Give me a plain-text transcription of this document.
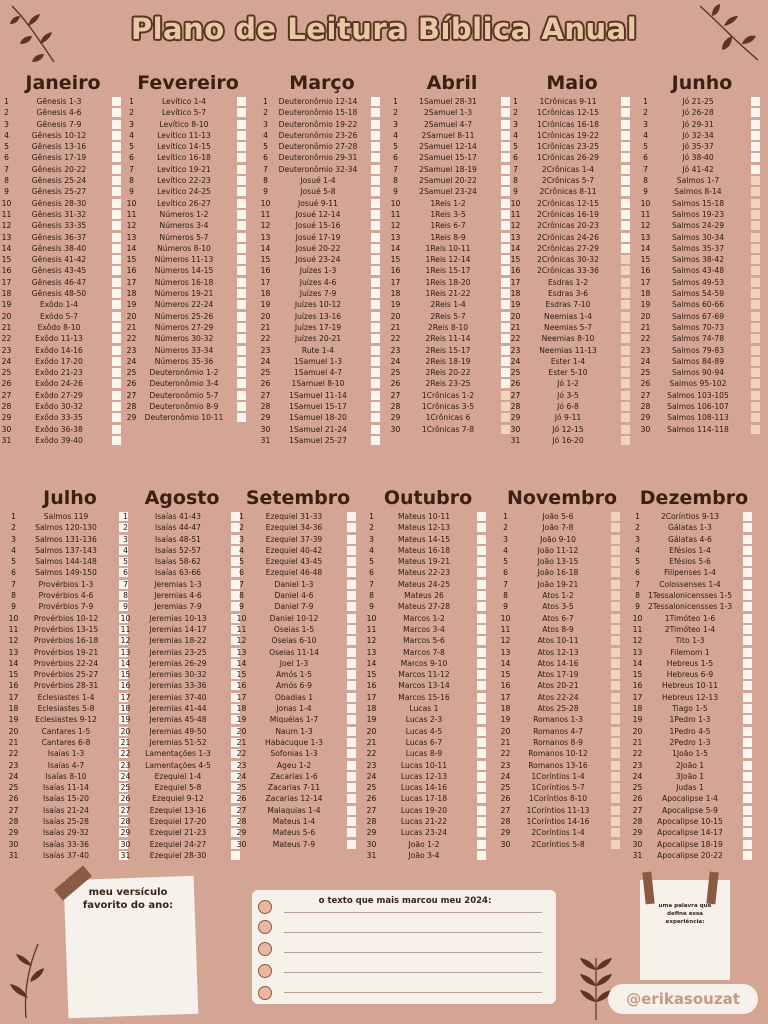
Plano de Leitura Bíblica Anual
Janeiro
1	Gênesis 1-3
2	Gênesis 4-6
3	Gênesis 7-9
4	Gênesis 10-12
5	Gênesis 13-16
6	Gênesis 17-19
7	Gênesis 20-22
8	Gênesis 25-24
9	Gênesis 25-27
10	Gênesis 28-30
11	Gênesis 31-32
12	Gênesis 33-35
13	Gênesis 36-37
14	Gênesis 38-40
15	Gênesis 41-42
16	Gênesis 43-45
17	Gênesis 46-47
18	Gênesis 48-50
19	Exôdo 1-4
20	Exôdo 5-7
21	Exôdo 8-10
22	Exôdo 11-13
23	Exôdo 14-16
24	Exôdo 17-20
25	Exôdo 21-23
26	Exôdo 24-26
27	Exôdo 27-29
28	Exôdo 30-32
29	Exôdo 33-35
30	Exôdo 36-38
31	Exôdo 39-40
Fevereiro
1	Levítico 1-4
2	Levítico 5-7
3	Levítico 8-10
4	Levítico 11-13
5	Levítico 14-15
6	Levítico 16-18
7	Levítico 19-21
8	Levítico 22-23
9	Levítico 24-25
10	Levítico 26-27
11	Números 1-2
12	Números 3-4
13	Números 5-7
14	Números 8-10
15	Números 11-13
16	Números 14-15
17	Números 16-18
18	Números 19-21
19	Números 22-24
20	Números 25-26
21	Números 27-29
22	Números 30-32
23	Números 33-34
24	Números 35-36
25	Deuteronômio 1-2
26	Deuteronômio 3-4
27	Deuteronômio 5-7
28	Deuteronômio 8-9
29	Deuteronômio 10-11
Março
1	Deuteronômio 12-14
2	Deuteronômio 15-18
3	Deuteronômio 19-22
4	Deuteronômio 23-26
5	Deuteronômio 27-28
6	Deuteronômio 29-31
7	Deuteronômio 32-34
8	Josué 1-4
9	Josué 5-8
10	Josué 9-11
11	Josué 12-14
12	Josué 15-16
13	Josué 17-19
14	Josué 20-22
15	Josué 23-24
16	Juízes 1-3
17	Juízes 4-6
18	Juízes 7-9
19	Juízes 10-12
20	Juízes 13-16
21	Juízes 17-19
22	Juízes 20-21
23	Rute 1-4
24	1Samuel 1-3
25	1Samuel 4-7
26	1Samuel 8-10
27	1Samuel 11-14
28	1Samuel 15-17
29	1Samuel 18-20
30	1Samuel 21-24
31	1Samuel 25-27
Abril
1	1Samuel 28-31
2	2Samuel 1-3
3	2Samuel 4-7
4	2Samuel 8-11
5	2Samuel 12-14
6	2Samuel 15-17
7	2Samuel 18-19
8	2Samuel 20-22
9	2Samuel 23-24
10	1Reis 1-2
11	1Reis 3-5
12	1Reis 6-7
13	1Reis 8-9
14	1Reis 10-11
15	1Reis 12-14
16	1Reis 15-17
17	1Reis 18-20
18	1Reis 21-22
19	2Reis 1-4
20	2Reis 5-7
21	2Reis 8-10
22	2Reis 11-14
23	2Reis 15-17
24	2Reis 18-19
25	2Reis 20-22
26	2Reis 23-25
27	1Crônicas 1-2
28	1Crônicas 3-5
29	1Crônicas 6
30	1Crônicas 7-8
Maio
1	1Crônicas 9-11
2	1Crônicas 12-15
3	1Crônicas 16-18
4	1Crônicas 19-22
5	1Crônicas 23-25
6	1Crônicas 26-29
7	2Crônicas 1-4
8	2Crônicas 5-7
9	2Crônicas 8-11
10	2Crônicas 12-15
11	2Crônicas 16-19
12	2Crônicas 20-23
13	2Crônicas 24-26
14	2Crônicas 27-29
15	2Crônicas 30-32
16	2Crônicas 33-36
17	Esdras 1-2
18	Esdras 3-6
19	Esdras 7-10
20	Neemias 1-4
21	Neemias 5-7
22	Neemias 8-10
23	Neemias 11-13
24	Ester 1-4
25	Ester 5-10
26	Jó 1-2
27	Jó 3-5
28	Jó 6-8
29	Jó 9-11
30	Jó 12-15
31	Jó 16-20
Junho
1	Jó 21-25
2	Jó 26-28
3	Jó 29-31
4	Jó 32-34
5	Jó 35-37
6	Jó 38-40
7	Jó 41-42
8	Salmos 1-7
9	Salmos 8-14
10	Salmos 15-18
11	Salmos 19-23
12	Salmos 24-29
13	Salmos 30-34
14	Salmos 35-37
15	Salmos 38-42
16	Salmos 43-48
17	Salmos 49-53
18	Salmos 54-59
19	Salmos 60-66
20	Salmos 67-69
21	Salmos 70-73
22	Salmos 74-78
23	Salmos 79-83
24	Salmos 84-89
25	Salmos 90-94
26	Salmos 95-102
27	Salmos 103-105
28	Salmos 106-107
29	Salmos 108-113
30	Salmos 114-118
Julho
1	Salmos 119
2	Salmos 120-130
3	Salmos 131-136
4	Salmos 137-143
5	Salmos 144-148
6	Salmos 149-150
7	Provérbios 1-3
8	Provérbios 4-6
9	Provérbios 7-9
10	Provérbios 10-12
11	Provérbios 13-15
12	Provérbios 16-18
13	Provérbios 19-21
14	Provérbios 22-24
15	Provérbios 25-27
16	Provérbios 28-31
17	Eclesiastes 1-4
18	Eclesiastes 5-8
19	Eclesiastes 9-12
20	Cantares 1-5
21	Cantares 6-8
22	Isaías 1-3
23	Isaías 4-7
24	Isaías 8-10
25	Isaías 11-14
26	Isaías 15-20
27	Isaías 21-24
28	Isaías 25-28
29	Isaías 29-32
30	Isaías 33-36
31	Isaías 37-40
Agosto
1	Isaías 41-43
2	Isaías 44-47
3	Isaías 48-51
4	Isaías 52-57
5	Isaías 58-62
6	Isaías 63-66
7	Jeremias 1-3
8	Jeremias 4-6
9	Jeremias 7-9
10	Jeremias 10-13
11	Jeremias 14-17
12	Jeremias 18-22
13	Jeremias 23-25
14	Jeremias 26-29
15	Jeremias 30-32
16	Jeremias 33-36
17	Jeremias 37-40
18	Jeremias 41-44
19	Jeremias 45-48
20	Jeremias 49-50
21	Jeremias 51-52
22	Lamentações 1-3
23	Lamentações 4-5
24	Ezequiel 1-4
25	Ezequiel 5-8
26	Ezequiel 9-12
27	Ezequiel 13-16
28	Ezequiel 17-20
29	Ezequiel 21-23
30	Ezequiel 24-27
31	Ezequiel 28-30
Setembro
1	Ezequiel 31-33
2	Ezequiel 34-36
3	Ezequiel 37-39
4	Ezequiel 40-42
5	Ezequiel 43-45
6	Ezequiel 46-48
7	Daniel 1-3
8	Daniel 4-6
9	Daniel 7-9
10	Daniel 10-12
11	Oseias 1-5
12	Oseias 6-10
13	Oseias 11-14
14	Joel 1-3
15	Amós 1-5
16	Amós 6-9
17	Obadias 1
18	Jonas 1-4
19	Miquéias 1-7
20	Naum 1-3
21	Habacuque 1-3
22	Sofonias 1-3
23	Ageu 1-2
24	Zacarias 1-6
25	Zacarias 7-11
26	Zacarias 12-14
27	Malaquias 1-4
28	Mateus 1-4
29	Mateus 5-6
30	Mateus 7-9
Outubro
1	Mateus 10-11
2	Mateus 12-13
3	Mateus 14-15
4	Mateus 16-18
5	Mateus 19-21
6	Mateus 22-23
7	Mateus 24-25
8	Mateus 26
9	Mateus 27-28
10	Marcos 1-2
11	Marcos 3-4
12	Marcos 5-6
13	Marcos 7-8
14	Marcos 9-10
15	Marcos 11-12
16	Marcos 13-14
17	Marcos 15-16
18	Lucas 1
19	Lucas 2-3
20	Lucas 4-5
21	Lucas 6-7
22	Lucas 8-9
23	Lucas 10-11
24	Lucas 12-13
25	Lucas 14-16
26	Lucas 17-18
27	Lucas 19-20
28	Lucas 21-22
29	Lucas 23-24
30	João 1-2
31	João 3-4
Novembro
1	João 5-6
2	João 7-8
3	João 9-10
4	João 11-12
5	João 13-15
6	João 16-18
7	João 19-21
8	Atos 1-2
9	Atos 3-5
10	Atos 6-7
11	Atos 8-9
12	Atos 10-11
13	Atos 12-13
14	Atos 14-16
15	Atos 17-19
16	Atos 20-21
17	Atos 22-24
18	Atos 25-28
19	Romanos 1-3
20	Romanos 4-7
21	Romanos 8-9
22	Romanos 10-12
23	Romanos 13-16
24	1Coríntios 1-4
25	1Coríntios 5-7
26	1Coríntios 8-10
27	1Coríntios 11-13
28	1Coríntios 14-16
29	2Coríntios 1-4
30	2Coríntios 5-8
Dezembro
1	2Coríntios 9-13
2	Gálatas 1-3
3	Gálatas 4-6
4	Efésios 1-4
5	Efésios 5-6
6	Filipenses 1-4
7	Colossenses 1-4
8	1Tessalonicensses 1-5
9	2Tessalonicensses 1-3
10	1Timóteo 1-6
11	2Timóteo 1-4
12	Tito 1-3
13	Filemom 1
14	Hebreus 1-5
15	Hebreus 6-9
16	Hebreus 10-11
17	Hebreus 12-13
18	Tiago 1-5
19	1Pedro 1-3
20	1Pedro 4-5
21	2Pedro 1-3
22	1João 1-5
23	2João 1
24	3João 1
25	Judas 1
26	Apocalipse 1-4
27	Apocalipse 5-9
28	Apocalipse 10-15
29	Apocalipse 14-17
30	Apocalipse 18-19
31	Apocalipse 20-22
meu versículo favorito do ano:	o texto que mais marcou meu 2024:	uma palavra que define essa experiência:
@erikasouzat
